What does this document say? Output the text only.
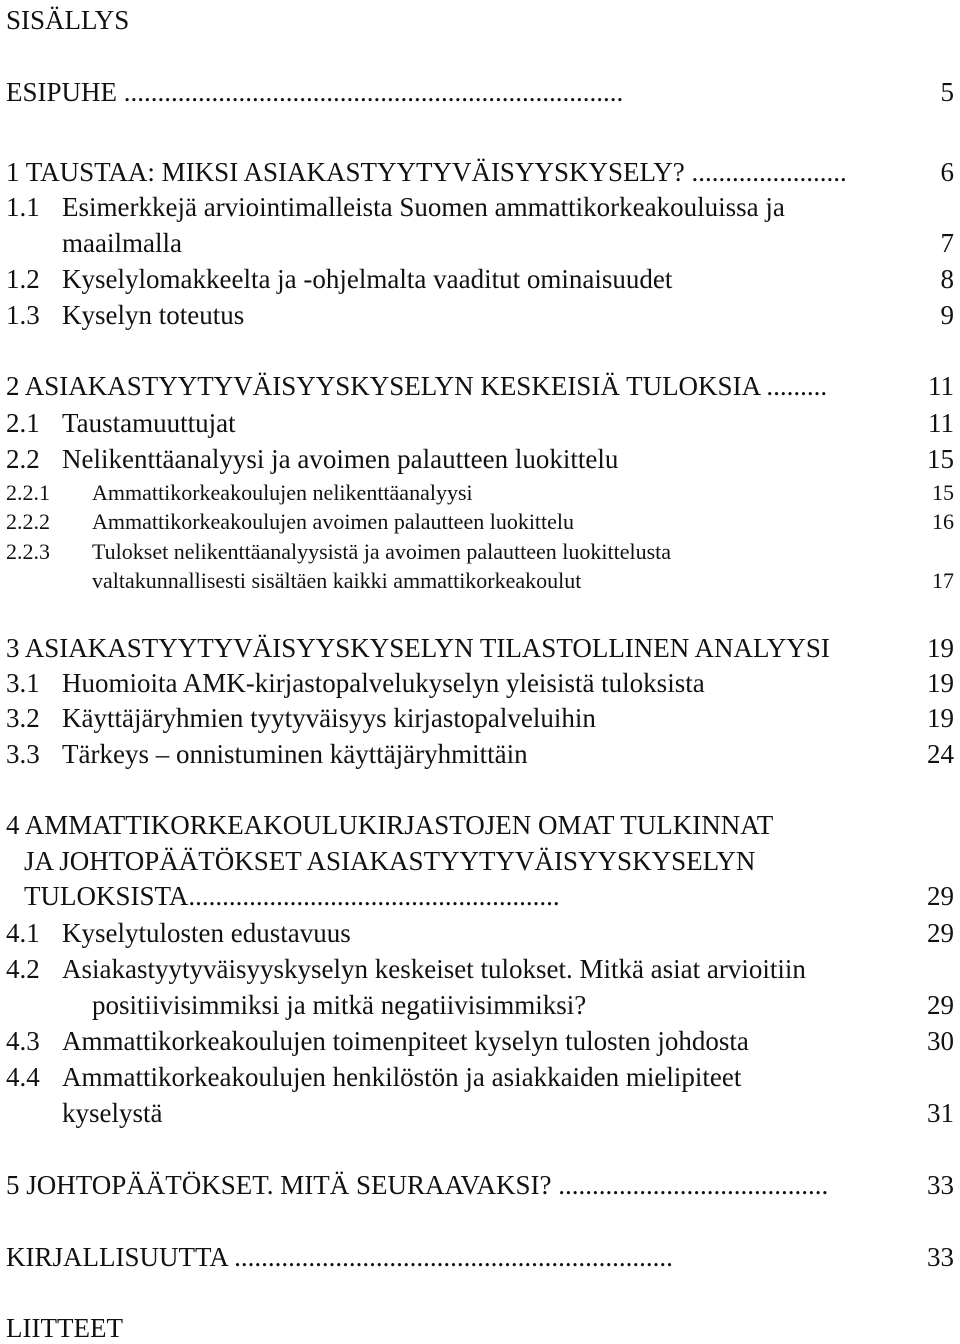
SISÄLLYS
ESIPUHE ..........................................................................	5
1 TAUSTAA: MIKSI ASIAKASTYYTYVÄISYYSKYSELY? .......................	6
1.1 Esimerkkejä arviointimalleista Suomen ammattikorkeakouluissa ja
maailmalla	7
1.2 Kyselylomakkeelta ja -ohjelmalta vaaditut ominaisuudet	8
1.3 Kyselyn toteutus	9
2 ASIAKASTYYTYVÄISYYSKYSELYN KESKEISIÄ TULOKSIA .........	11
2.1 Taustamuuttujat	11
2.2 Nelikenttäanalyysi ja avoimen palautteen luokittelu	15
2.2.1 Ammattikorkeakoulujen nelikenttäanalyysi	15
2.2.2 Ammattikorkeakoulujen avoimen palautteen luokittelu	16
2.2.3 Tulokset nelikenttäanalyysistä ja avoimen palautteen luokittelusta
valtakunnallisesti sisältäen kaikki ammattikorkeakoulut	17
3 ASIAKASTYYTYVÄISYYSKYSELYN TILASTOLLINEN ANALYYSI	19
3.1 Huomioita AMK-kirjastopalvelukyselyn yleisistä tuloksista	19
3.2 Käyttäjäryhmien tyytyväisyys kirjastopalveluihin	19
3.3 Tärkeys – onnistuminen käyttäjäryhmittäin	24
4 AMMATTIKORKEAKOULUKIRJASTOJEN OMAT TULKINNAT
JA JOHTOPÄÄTÖKSET ASIAKASTYYTYVÄISYYSKYSELYN
TULOKSISTA.......................................................	29
4.1 Kyselytulosten edustavuus	29
4.2 Asiakastyytyväisyyskyselyn keskeiset tulokset. Mitkä asiat arvioitiin
positiivisimmiksi ja mitkä negatiivisimmiksi?	29
4.3 Ammattikorkeakoulujen toimenpiteet kyselyn tulosten johdosta	30
4.4 Ammattikorkeakoulujen henkilöstön ja asiakkaiden mielipiteet
kyselystä	31
5 JOHTOPÄÄTÖKSET. MITÄ SEURAAVAKSI? ........................................	33
KIRJALLISUUTTA .................................................................	33
LIITTEET
